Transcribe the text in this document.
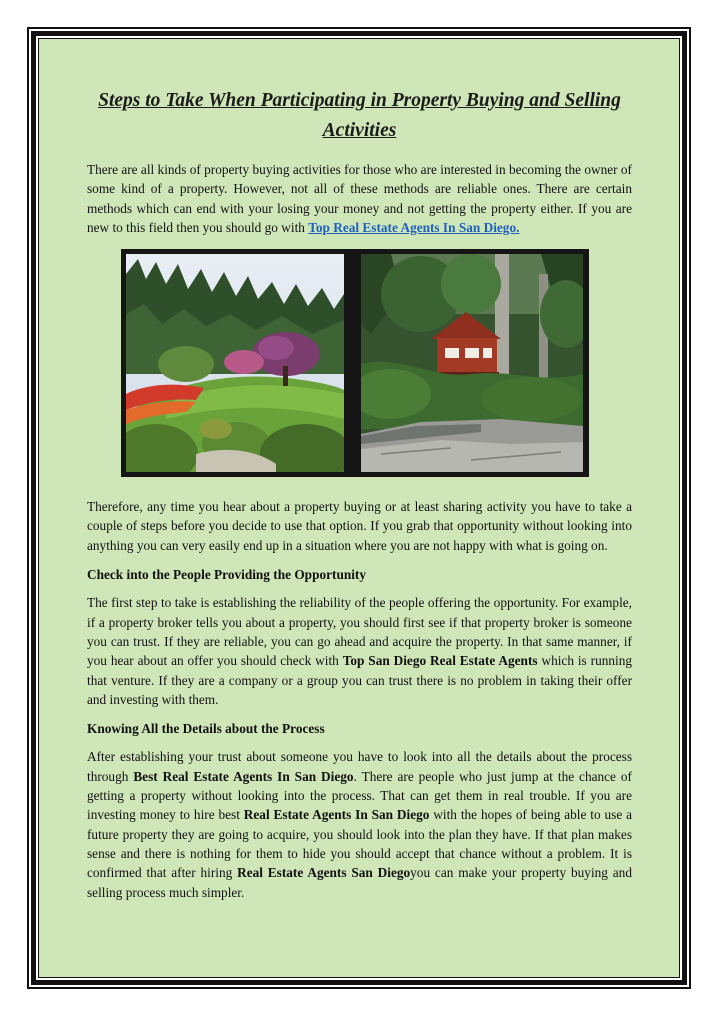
Steps to Take When Participating in Property Buying and Selling Activities

There are all kinds of property buying activities for those who are interested in becoming the owner of some kind of a property. However, not all of these methods are reliable ones. There are certain methods which can end with your losing your money and not getting the property either. If you are new to this field then you should go with Top Real Estate Agents In San Diego.

Therefore, any time you hear about a property buying or at least sharing activity you have to take a couple of steps before you decide to use that option. If you grab that opportunity without looking into anything you can very easily end up in a situation where you are not happy with what is going on.

Check into the People Providing the Opportunity

The first step to take is establishing the reliability of the people offering the opportunity. For example, if a property broker tells you about a property, you should first see if that property broker is someone you can trust. If they are reliable, you can go ahead and acquire the property. In that same manner, if you hear about an offer you should check with Top San Diego Real Estate Agents which is running that venture. If they are a company or a group you can trust there is no problem in taking their offer and investing with them.

Knowing All the Details about the Process

After establishing your trust about someone you have to look into all the details about the process through Best Real Estate Agents In San Diego. There are people who just jump at the chance of getting a property without looking into the process. That can get them in real trouble. If you are investing money to hire best Real Estate Agents In San Diego with the hopes of being able to use a future property they are going to acquire, you should look into the plan they have. If that plan makes sense and there is nothing for them to hide you should accept that chance without a problem. It is confirmed that after hiring Real Estate Agents San Diegoyou can make your property buying and selling process much simpler.
